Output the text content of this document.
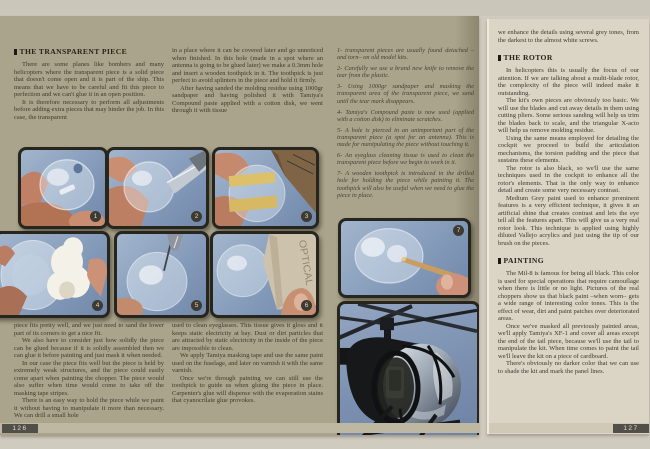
THE TRANSPARENT PIECE

There are some planes like bombers and many helicopters where the transparent piece is a solid piece that doesn't come open and it is part of the ship. This means that we have to be careful and fit this piece to perfection and we can't glue it in an open position.

It is therefore necessary to perform all adjustments before adding extra pieces that may hinder the job. In this case, the transparent

in a place where it can be covered later and go unnoticed when finished. In this hole (made in a spot where an antenna is going to be glued later) we make a 0.3mm hole and insert a wooden toothpick in it. The toothpick is just perfect to avoid splinters in the piece and hold it firmly.

After having sanded the molding residue using 1000gr sandpaper and having polished it with Tamiya's Compound paste applied with a cotton disk, we went through it with tissue

1- transparent pieces are usually found detached –and torn– on old model kits.

2- Carefully we use a brand new knife to remove the tear from the plastic.

3- Using 1000gr sandpaper and masking the transparent area of the transparent piece, we sand until the tear mark disappears.

4- Tamiya's Compound paste is now used (applied with a cotton disk) to eliminate scratches.

5- A hole is pierced in an unimportant part of the transparent piece (a spot for an antenna). This is made for manipulating the piece without touching it.

6- An eyeglass cleaning tissue is used to clean the transparent piece before we begin to work in it.

7- A wooden toothpick is introduced in the drilled hole for holding the piece while painting it. The toothpick will also be useful when we need to glue the piece in place.

1	2	3
4	5
OPTICAL
6
7

piece fits pretty well, and we just need to sand the lower part of its corners to get a nice fit.

We also have to consider just how solidly the piece can be glued because if it is solidly assembled then we can glue it before painting and just mask it when needed.

In our case the piece fits well but the piece is held by extremely weak structures, and the piece could easily come apart when painting the chopper. The piece would also suffer when time would come to take off the masking tape stripes.

There is an easy way to hold the piece while we paint it without having to manipulate it more than necessary. We can drill a small hole

used to clean eyeglasses. This tissue gives it gloss and it keeps static electricity at bay. Dust or dirt particles that are attracted by static electricity in the inside of the piece are impossible to clean.

We apply Tamiya masking tape and use the same paint used on the fuselage, and later on varnish it with the same varnish.

Once we're through painting we can still use the toothpick to guide us when gluing the piece in place. Carpenter's glue will dispense with the evaporation stains that cyanocrilate glue provokes.

126

we enhance the details using several grey tones, from the darkest to the almost white screws.

THE ROTOR

In helicopters this is usually the focus of our attention. If we are talking about a multi-blade rotor, the complexity of the piece will indeed make it outstanding.

The kit's own pieces are obviously too basic. We will use the blades and cut away details in them using cutting pliers. Some serious sanding will help us trim the blades back to scale, and the triangular X-acto will help us remove molding residue.

Using the same means employed for detailing the cockpit we proceed to build the articulation mechanisms, the torsion padding and the piece that sustains these elements.

The rotor is also black, so we'll use the same techniques used in the cockpit to enhance all the rotor's elements. That is the only way to enhance detail and create some very necessary contrast.

Medium Grey paint used to enhance prominent features is a very efficient technique, it gives it an artificial shine that creates contrast and lets the eye tell all the features apart. This will give us a very real rotor look. This technique is applied using highly diluted Vallejo acrylics and just using the tip of our brush on the pieces.

PAINTING

The Mil-8 is famous for being all black. This color is used for special operations that require camouflage when there is little or no light. Pictures of the real choppers show us that black paint –when worn– gets a wide range of interesting color tones. This is the effect of wear, dirt and paint patches over deteriorated areas.

Once we've masked all previously painted areas, we'll apply Tamiya's XF-1 and cover all areas except the end of the tail piece, because we'll use the tail to manipulate the kit. When time comes to paint the tail we'll leave the kit on a piece of cardboard.

There's obviously no darker color that we can use to shade the kit and mark the panel lines.

127
